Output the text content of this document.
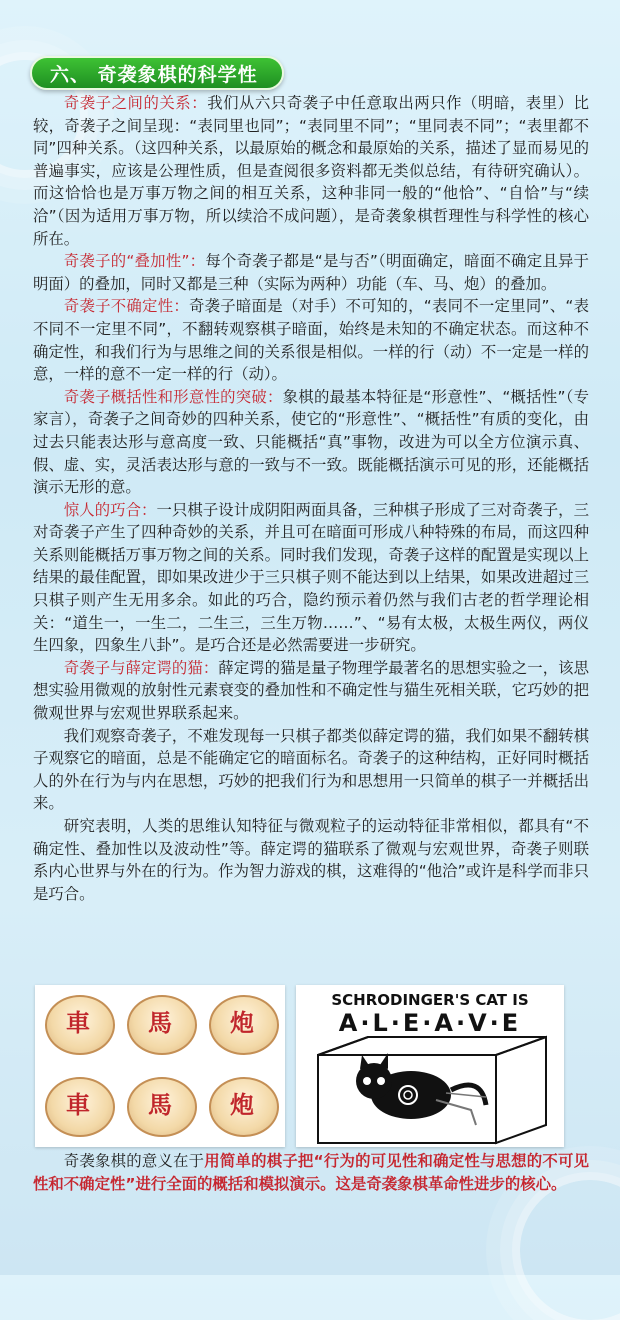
六、 奇袭象棋的科学性

奇袭子之间的关系：我们从六只奇袭子中任意取出两只作（明暗，表里）比较，奇袭子之间呈现：“表同里也同”；“表同里不同”；“里同表不同”；“表里都不同”四种关系。（这四种关系，以最原始的概念和最原始的关系，描述了显而易见的普遍事实，应该是公理性质，但是查阅很多资料都无类似总结，有待研究确认）。而这恰恰也是万事万物之间的相互关系，这种非同一般的“他恰”、“自恰”与“续洽”（因为适用万事万物，所以续洽不成问题），是奇袭象棋哲理性与科学性的核心所在。

奇袭子的“叠加性”：每个奇袭子都是“是与否”（明面确定，暗面不确定且异于明面）的叠加，同时又都是三种（实际为两种）功能（车、马、炮）的叠加。

奇袭子不确定性：奇袭子暗面是（对手）不可知的，“表同不一定里同”、“表不同不一定里不同”，不翻转观察棋子暗面，始终是未知的不确定状态。而这种不确定性，和我们行为与思维之间的关系很是相似。一样的行（动）不一定是一样的意，一样的意不一定一样的行（动）。

奇袭子概括性和形意性的突破：象棋的最基本特征是“形意性”、“概括性”（专家言），奇袭子之间奇妙的四种关系，使它的“形意性”、“概括性”有质的变化，由过去只能表达形与意高度一致、只能概括“真”事物，改进为可以全方位演示真、假、虚、实，灵活表达形与意的一致与不一致。既能概括演示可见的形，还能概括演示无形的意。

惊人的巧合：一只棋子设计成阴阳两面具备，三种棋子形成了三对奇袭子，三对奇袭子产生了四种奇妙的关系，并且可在暗面可形成八种特殊的布局，而这四种关系则能概括万事万物之间的关系。同时我们发现，奇袭子这样的配置是实现以上结果的最佳配置，即如果改进少于三只棋子则不能达到以上结果，如果改进超过三只棋子则产生无用多余。如此的巧合，隐约预示着仍然与我们古老的哲学理论相关：“道生一，一生二，二生三，三生万物……”、“易有太极，太极生两仪，两仪生四象，四象生八卦”。是巧合还是必然需要进一步研究。

奇袭子与薛定谔的猫：薛定谔的猫是量子物理学最著名的思想实验之一，该思想实验用微观的放射性元素衰变的叠加性和不确定性与猫生死相关联，它巧妙的把微观世界与宏观世界联系起来。

我们观察奇袭子，不难发现每一只棋子都类似薛定谔的猫，我们如果不翻转棋子观察它的暗面，总是不能确定它的暗面标名。奇袭子的这种结构，正好同时概括人的外在行为与内在思想，巧妙的把我们行为和思想用一只简单的棋子一并概括出来。

研究表明，人类的思维认知特征与微观粒子的运动特征非常相似，都具有“不确定性、叠加性以及波动性”等。薛定谔的猫联系了微观与宏观世界，奇袭子则联系内心世界与外在的行为。作为智力游戏的棋，这难得的“他洽”或许是科学而非只是巧合。

車	馬	炮
車	馬	炮
SCHRODINGER'S CAT IS
A·L·E·A·V·E

奇袭象棋的意义在于用简单的棋子把“行为的可见性和确定性与思想的不可见性和不确定性”进行全面的概括和模拟演示。这是奇袭象棋革命性进步的核心。
